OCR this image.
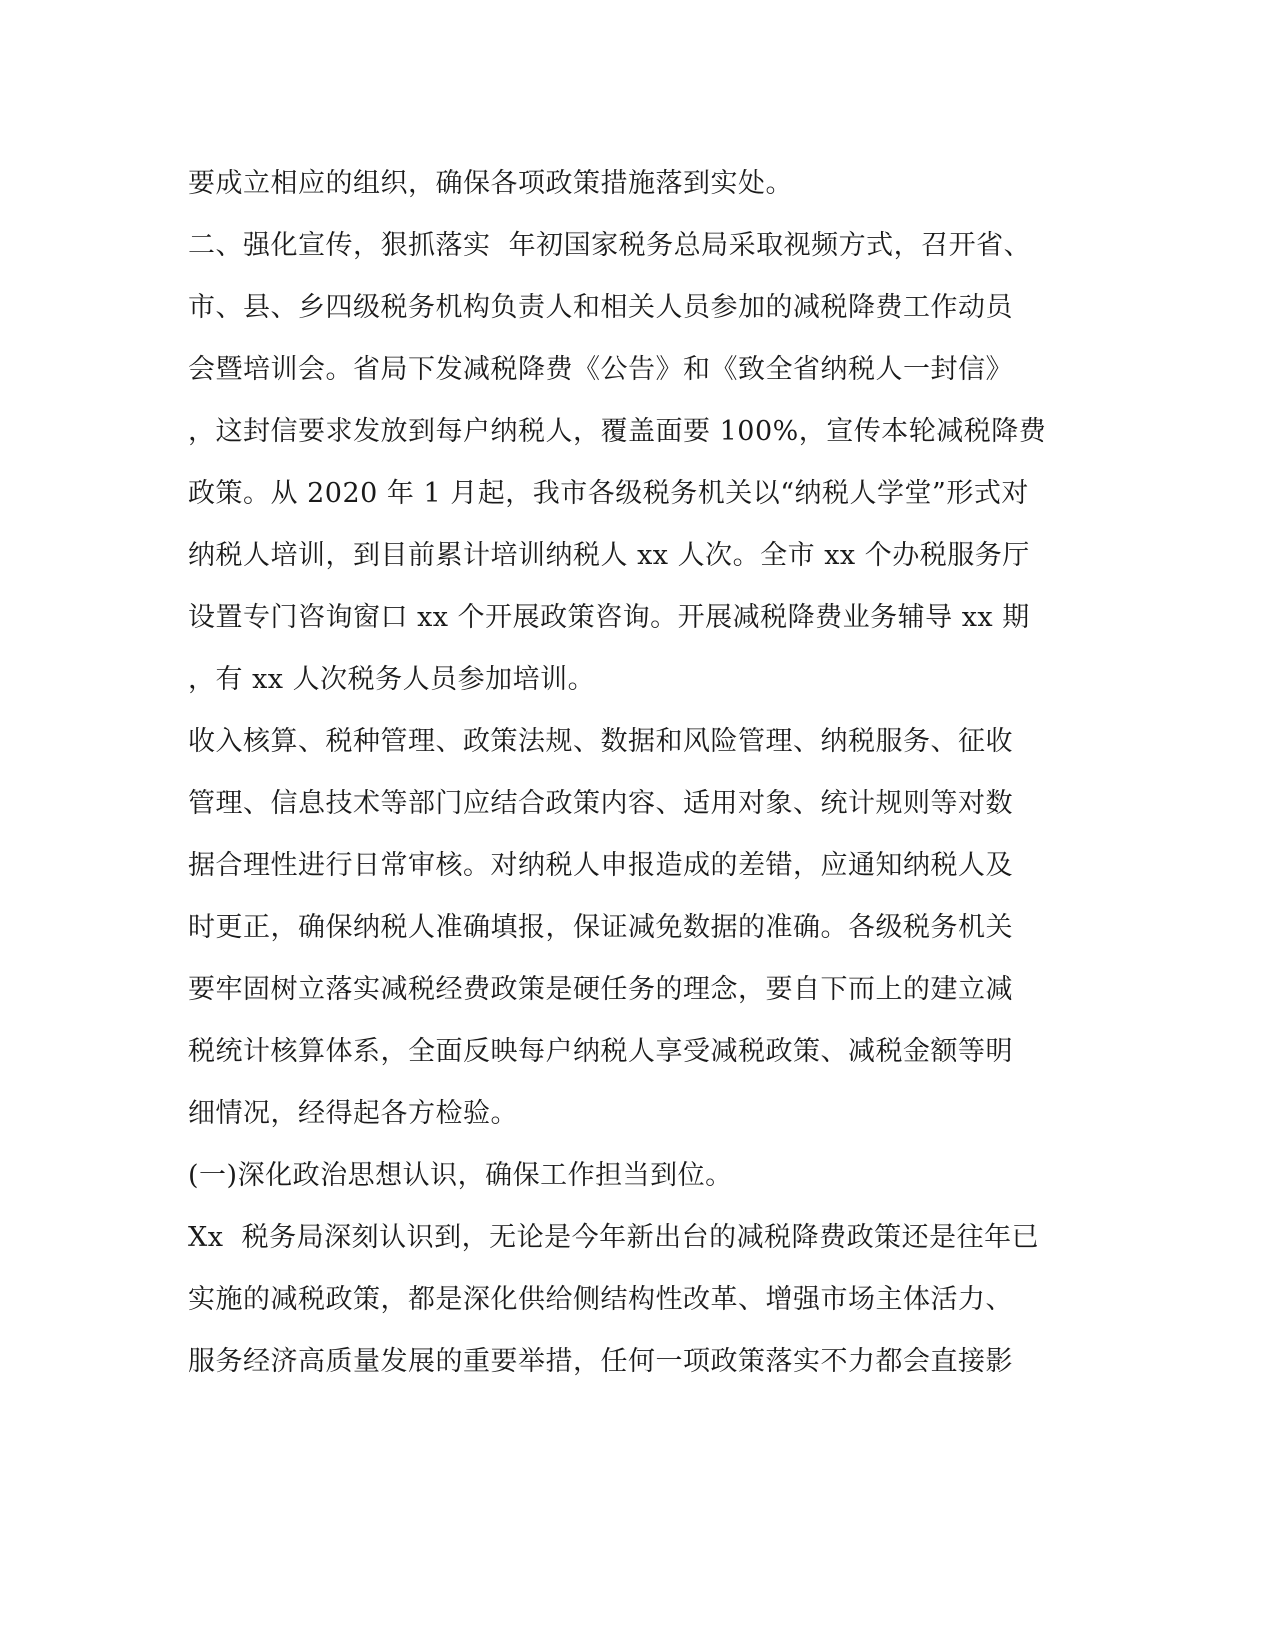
要成立相应的组织，确保各项政策措施落到实处。
二、强化宣传，狠抓落实  年初国家税务总局采取视频方式，召开省、
市、县、乡四级税务机构负责人和相关人员参加的减税降费工作动员
会暨培训会。省局下发减税降费《公告》和《致全省纳税人一封信》
，这封信要求发放到每户纳税人，覆盖面要 100%，宣传本轮减税降费
政策。从 2020 年 1 月起，我市各级税务机关以“纳税人学堂”形式对
纳税人培训，到目前累计培训纳税人 xx 人次。全市 xx 个办税服务厅
设置专门咨询窗口 xx 个开展政策咨询。开展减税降费业务辅导 xx 期
，有 xx 人次税务人员参加培训。
收入核算、税种管理、政策法规、数据和风险管理、纳税服务、征收
管理、信息技术等部门应结合政策内容、适用对象、统计规则等对数
据合理性进行日常审核。对纳税人申报造成的差错，应通知纳税人及
时更正，确保纳税人准确填报，保证减免数据的准确。各级税务机关
要牢固树立落实减税经费政策是硬任务的理念，要自下而上的建立减
税统计核算体系，全面反映每户纳税人享受减税政策、减税金额等明
细情况，经得起各方检验。
(一)深化政治思想认识，确保工作担当到位。
Xx  税务局深刻认识到，无论是今年新出台的减税降费政策还是往年已
实施的减税政策，都是深化供给侧结构性改革、增强市场主体活力、
服务经济高质量发展的重要举措，任何一项政策落实不力都会直接影
